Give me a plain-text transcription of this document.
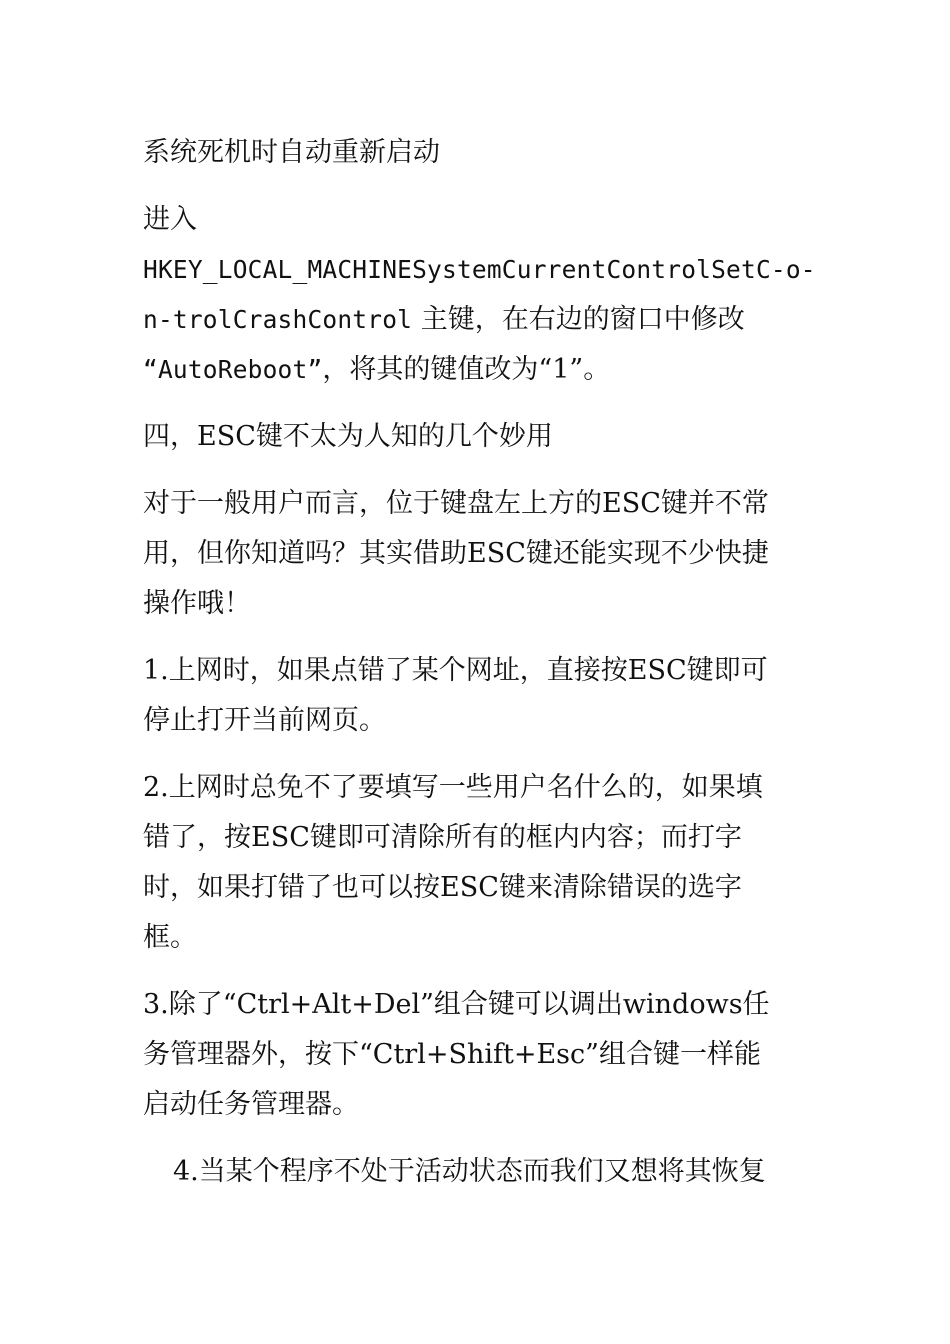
系统死机时自动重新启动

进入
HKEY_LOCAL_MACHINESystemCurrentControlSetC-o-
n-trolCrashControl 主键，在右边的窗口中修改
“AutoReboot”，将其的键值改为“1”。

四，ESC键不太为人知的几个妙用

对于一般用户而言，位于键盘左上方的ESC键并不常
用，但你知道吗？其实借助ESC键还能实现不少快捷
操作哦！

1.上网时，如果点错了某个网址，直接按ESC键即可
停止打开当前网页。

2.上网时总免不了要填写一些用户名什么的，如果填
错了，按ESC键即可清除所有的框内内容；而打字
时，如果打错了也可以按ESC键来清除错误的选字
框。

3.除了“Ctrl+Alt+Del”组合键可以调出windows任
务管理器外，按下“Ctrl+Shift+Esc”组合键一样能
启动任务管理器。

4.当某个程序不处于活动状态而我们又想将其恢复
